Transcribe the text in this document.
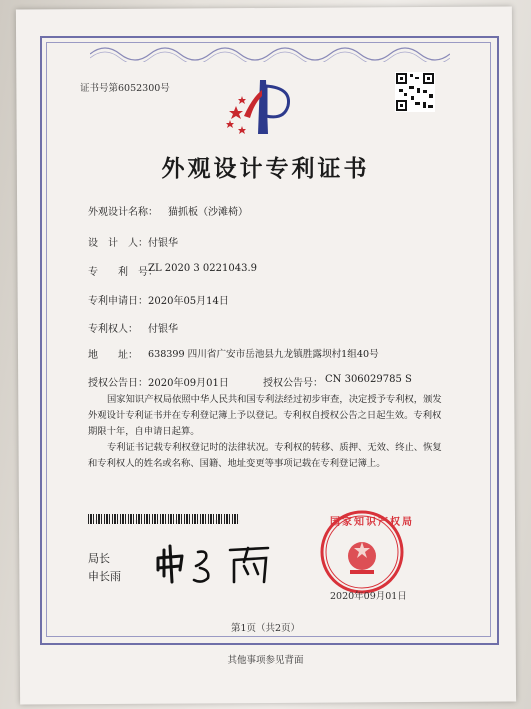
证书号第6052300号
外观设计专利证书
外观设计名称： 猫抓板（沙滩椅）
设　计　人： 付银华
专　　利　号：
ZL 2020 3 0221043.9
专利申请日： 2020年05月14日
专利权人： 付银华
地　　址： 638399 四川省广安市岳池县九龙镇胜露坝村1组40号
授权公告日： 2020年09月01日	授权公告号： CN 306029785 S
国家知识产权局依照中华人民共和国专利法经过初步审查，决定授予专利权，颁发外观设计专利证书并在专利登记簿上予以登记。专利权自授权公告之日起生效。专利权期限十年，自申请日起算。
专利证书记载专利权登记时的法律状况。专利权的转移、质押、无效、终止、恢复和专利权人的姓名或名称、国籍、地址变更等事项记载在专利登记簿上。
局长
申长雨
国家知识产权局
2020年09月01日
第1页（共2页）
其他事项参见背面
